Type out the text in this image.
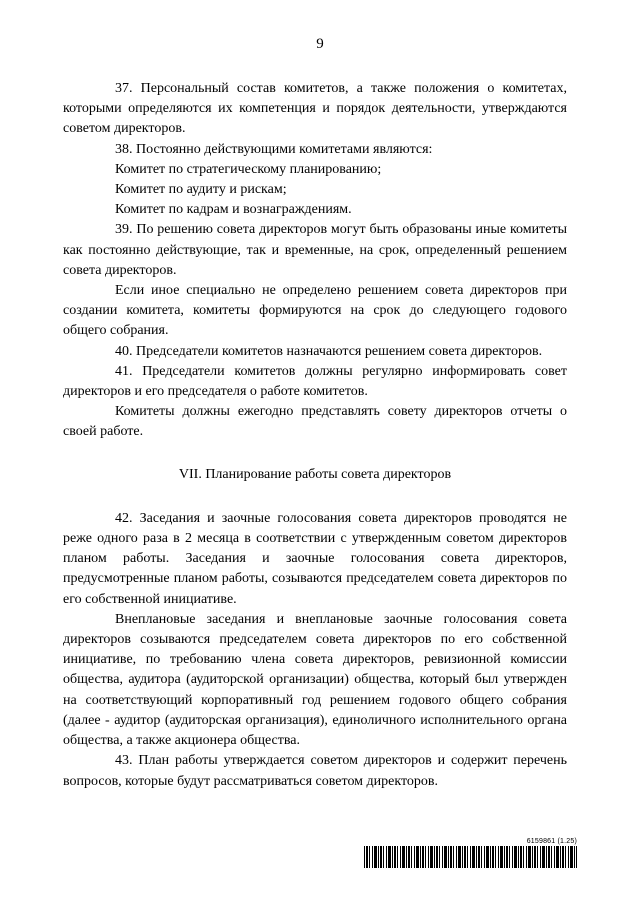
9

37. Персональный состав комитетов, а также положения о комитетах, которыми определяются их компетенция и порядок деятельности, утверждаются советом директоров.

38. Постоянно действующими комитетами являются:

Комитет по стратегическому планированию;

Комитет по аудиту и рискам;

Комитет по кадрам и вознаграждениям.

39. По решению совета директоров могут быть образованы иные комитеты как постоянно действующие, так и временные, на срок, определенный решением совета директоров.

Если иное специально не определено решением совета директоров при создании комитета, комитеты формируются на срок до следующего годового общего собрания.

40. Председатели комитетов назначаются решением совета директоров.

41. Председатели комитетов должны регулярно информировать совет директоров и его председателя о работе комитетов.

Комитеты должны ежегодно представлять совету директоров отчеты о своей работе.

VII. Планирование работы совета директоров

42. Заседания и заочные голосования совета директоров проводятся не реже одного раза в 2 месяца в соответствии с утвержденным советом директоров планом работы. Заседания и заочные голосования совета директоров, предусмотренные планом работы, созываются председателем совета директоров по его собственной инициативе.

Внеплановые заседания и внеплановые заочные голосования совета директоров созываются председателем совета директоров по его собственной инициативе, по требованию члена совета директоров, ревизионной комиссии общества, аудитора (аудиторской организации) общества, который был утвержден на соответствующий корпоративный год решением годового общего собрания (далее - аудитор (аудиторская организация), единоличного исполнительного органа общества, а также акционера общества.

43. План работы утверждается советом директоров и содержит перечень вопросов, которые будут рассматриваться советом директоров.

6159861 (1.25)
